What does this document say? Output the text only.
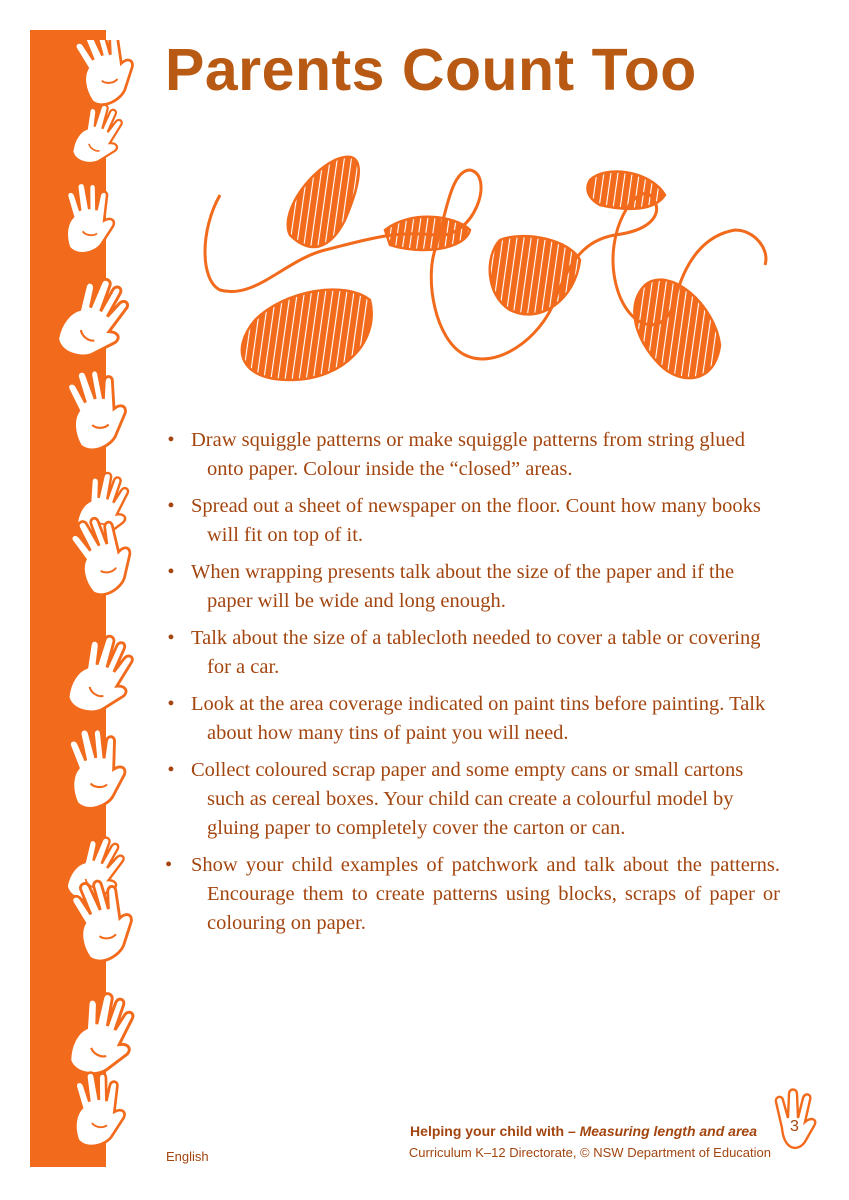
Parents Count Too
• Draw squiggle patterns or make squiggle patterns from string glued onto paper. Colour inside the “closed” areas.
• Spread out a sheet of newspaper on the floor. Count how many books will fit on top of it.
• When wrapping presents talk about the size of the paper and if the paper will be wide and long enough.
• Talk about the size of a tablecloth needed to cover a table or covering for a car.
• Look at the area coverage indicated on paint tins before painting. Talk about how many tins of paint you will need.
• Collect coloured scrap paper and some empty cans or small cartons such as cereal boxes. Your child can create a colourful model by gluing paper to completely cover the carton or can.
• Show your child examples of patchwork and talk about the patterns. Encourage them to create patterns using blocks, scraps of paper or colouring on paper.
Helping your child with – Measuring length and area
Curriculum K–12 Directorate, © NSW Department of Education
English
3
